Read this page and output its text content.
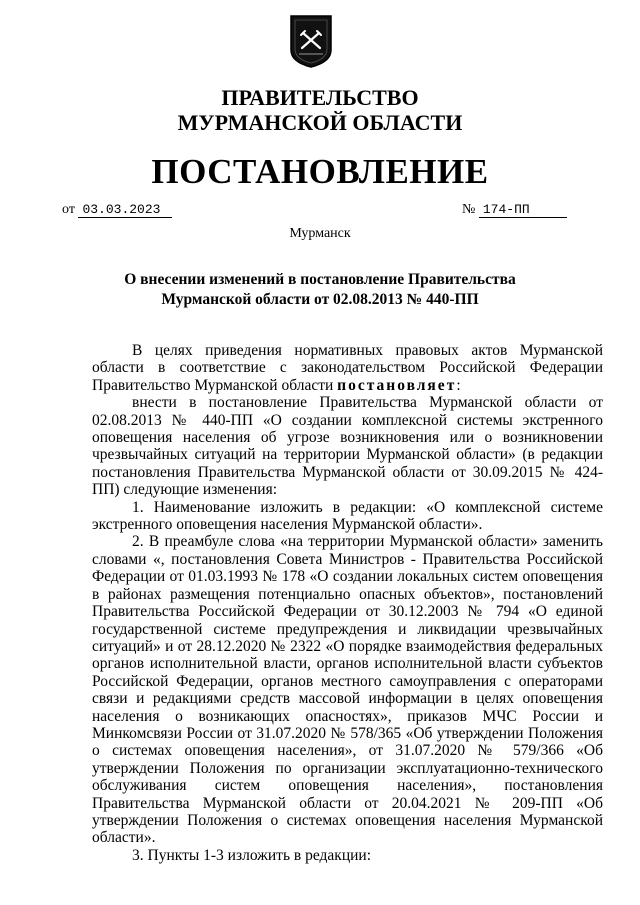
ПРАВИТЕЛЬСТВО
МУРМАНСКОЙ ОБЛАСТИ
ПОСТАНОВЛЕНИЕ
от 03.03.2023	№ 174-ПП
Мурманск
О внесении изменений в постановление Правительства
Мурманской области от 02.08.2013 № 440-ПП

В целях приведения нормативных правовых актов Мурманской области в соответствие с законодательством Российской Федерации Правительство Мурманской области постановляет:

внести в постановление Правительства Мурманской области от 02.08.2013 № 440-ПП «О создании комплексной системы экстренного оповещения населения об угрозе возникновения или о возникновении чрезвычайных ситуаций на территории Мурманской области» (в редакции постановления Правительства Мурманской области от 30.09.2015 № 424-ПП) следующие изменения:

1. Наименование изложить в редакции: «О комплексной системе экстренного оповещения населения Мурманской области».

2. В преамбуле слова «на территории Мурманской области» заменить словами «, постановления Совета Министров - Правительства Российской Федерации от 01.03.1993 № 178 «О создании локальных систем оповещения в районах размещения потенциально опасных объектов», постановлений Правительства Российской Федерации от 30.12.2003 № 794 «О единой государственной системе предупреждения и ликвидации чрезвычайных ситуаций» и от 28.12.2020 № 2322 «О порядке взаимодействия федеральных органов исполнительной власти, органов исполнительной власти субъектов Российской Федерации, органов местного самоуправления с операторами связи и редакциями средств массовой информации в целях оповещения населения о возникающих опасностях», приказов МЧС России и Минкомсвязи России от 31.07.2020 № 578/365 «Об утверждении Положения о системах оповещения населения», от 31.07.2020 № 579/366 «Об утверждении Положения по организации эксплуатационно-технического обслуживания систем оповещения населения», постановления Правительства Мурманской области от 20.04.2021 № 209-ПП «Об утверждении Положения о системах оповещения населения Мурманской области».

3. Пункты 1-3 изложить в редакции:
